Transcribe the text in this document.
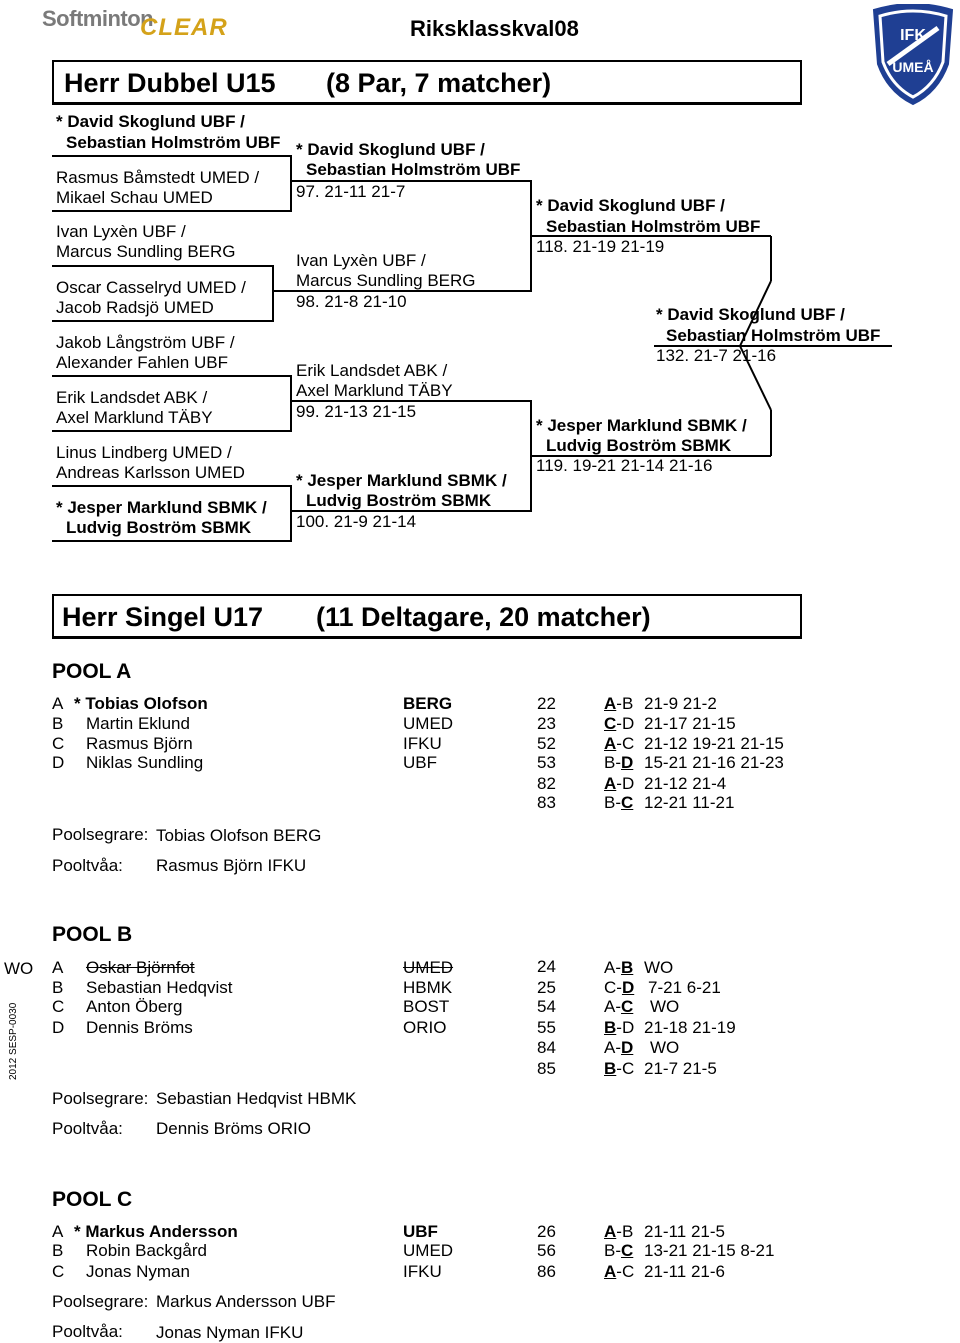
Softminton
CLEAR	Riksklasskval08	IFK
UMEÅ
Herr Dubbel U15 (8 Par, 7 matcher)
* David Skoglund UBF /
Sebastian Holmström UBF
Rasmus Båmstedt UMED /
Mikael Schau UMED
Ivan Lyxèn UBF /
Marcus Sundling BERG
Oscar Casselryd UMED /
Jacob Radsjö UMED
Jakob Långström UBF /
Alexander Fahlen UBF
Erik Landsdet ABK /
Axel Marklund TÄBY
Linus Lindberg UMED /
Andreas Karlsson UMED
* Jesper Marklund SBMK /
Ludvig Boström SBMK
* David Skoglund UBF /
Sebastian Holmström UBF
97. 21-11 21-7
Ivan Lyxèn UBF /
Marcus Sundling BERG
98. 21-8 21-10
Erik Landsdet ABK /
Axel Marklund TÄBY
99. 21-13 21-15
* Jesper Marklund SBMK /
Ludvig Boström SBMK
100. 21-9 21-14
* David Skoglund UBF /
Sebastian Holmström UBF
118. 21-19 21-19
* Jesper Marklund SBMK /
Ludvig Boström SBMK
119. 19-21 21-14 21-16
* David Skoglund UBF /
Sebastian Holmström UBF
132. 21-7 21-16
Herr Singel U17 (11 Deltagare, 20 matcher)
POOL A
A * Tobias Olofson	BERG
B Martin Eklund	UMED
C Rasmus Björn	IFKU
D Niklas Sundling	UBF
22	A-B 21-9 21-2
23	C-D 21-17 21-15
52	A-C 21-12 19-21 21-15
53	B-D 15-21 21-16 21-23
82	A-D 21-12 21-4
83	B-C 12-21 11-21
Poolsegrare: Tobias Olofson BERG
Pooltvåa: Rasmus Björn IFKU
POOL B
WO A Oskar Björnfot	UMED
B Sebastian Hedqvist	HBMK
C Anton Öberg	BOST
D Dennis Bröms	ORIO
24	A-B WO
25	C-D 7-21 6-21
54	A-C WO
55	B-D 21-18 21-19
84	A-D WO
85	B-C 21-7 21-5
Poolsegrare: Sebastian Hedqvist HBMK
Pooltvåa: Dennis Bröms ORIO
POOL C
A * Markus Andersson	UBF
B Robin Backgård	UMED
C Jonas Nyman	IFKU
26	A-B 21-11 21-5
56	B-C 13-21 21-15 8-21
86	A-C 21-11 21-6
Poolsegrare: Markus Andersson UBF
Pooltvåa: Jonas Nyman IFKU
2012 SESP-0030
